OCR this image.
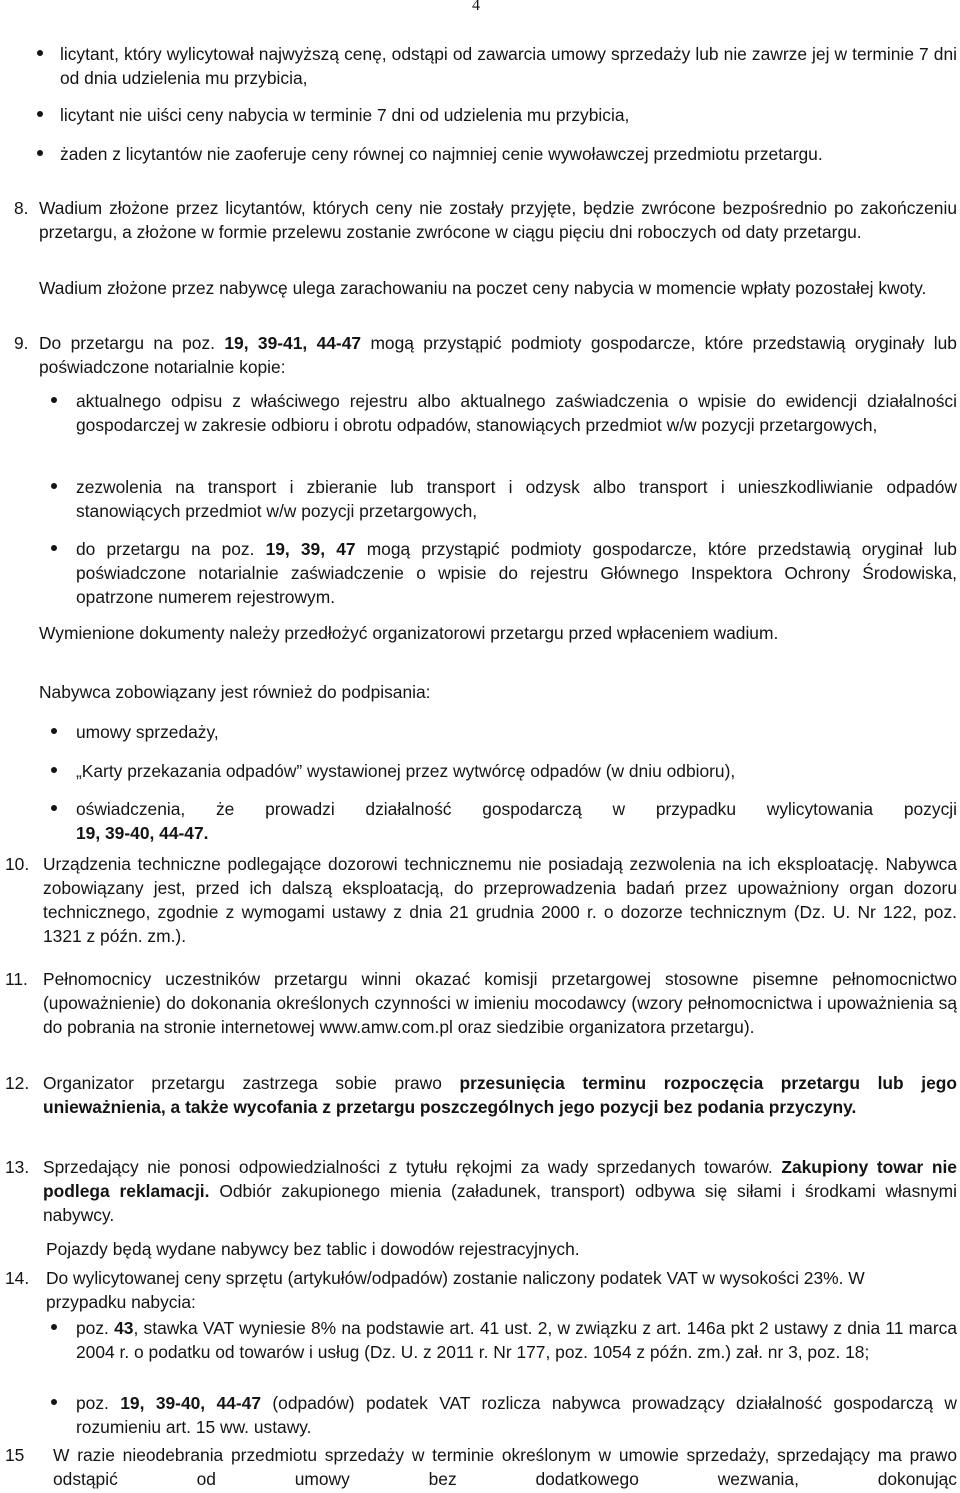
4
licytant, który wylicytował najwyższą cenę, odstąpi od zawarcia umowy sprzedaży lub nie zawrze jej w terminie 7 dni od dnia udzielenia mu przybicia,
licytant nie uiści ceny nabycia w terminie 7 dni od udzielenia mu przybicia,
żaden z licytantów nie zaoferuje ceny równej co najmniej cenie wywoławczej przedmiotu przetargu.
8. Wadium złożone przez licytantów, których ceny nie zostały przyjęte, będzie zwrócone bezpośrednio po zakończeniu przetargu, a złożone w formie przelewu zostanie zwrócone w ciągu pięciu dni roboczych od daty przetargu.
Wadium złożone przez nabywcę ulega zarachowaniu na poczet ceny nabycia w momencie wpłaty pozostałej kwoty.
9. Do przetargu na poz. 19, 39-41, 44-47 mogą przystąpić podmioty gospodarcze, które przedstawią oryginały lub poświadczone notarialnie kopie:
aktualnego odpisu z właściwego rejestru albo aktualnego zaświadczenia o wpisie do ewidencji działalności gospodarczej w zakresie odbioru i obrotu odpadów, stanowiących przedmiot w/w pozycji przetargowych,
zezwolenia na transport i zbieranie lub transport i odzysk albo transport i unieszkodliwianie odpadów stanowiących przedmiot w/w pozycji przetargowych,
do przetargu na poz. 19, 39, 47 mogą przystąpić podmioty gospodarcze, które przedstawią oryginał lub poświadczone notarialnie zaświadczenie o wpisie do rejestru Głównego Inspektora Ochrony Środowiska, opatrzone numerem rejestrowym.
Wymienione dokumenty należy przedłożyć organizatorowi przetargu przed wpłaceniem wadium.
Nabywca zobowiązany jest również do podpisania:
umowy sprzedaży,
„Karty przekazania odpadów” wystawionej przez wytwórcę odpadów (w dniu odbioru),
oświadczenia, że prowadzi działalność gospodarczą w przypadku wylicytowania pozycji
19, 39-40, 44-47.
10. Urządzenia techniczne podlegające dozorowi technicznemu nie posiadają zezwolenia na ich eksploatację. Nabywca zobowiązany jest, przed ich dalszą eksploatacją, do przeprowadzenia badań przez upoważniony organ dozoru technicznego, zgodnie z wymogami ustawy z dnia 21 grudnia 2000 r. o dozorze technicznym (Dz. U. Nr 122, poz. 1321 z późn. zm.).
11. Pełnomocnicy uczestników przetargu winni okazać komisji przetargowej stosowne pisemne pełnomocnictwo (upoważnienie) do dokonania określonych czynności w imieniu mocodawcy (wzory pełnomocnictwa i upoważnienia są do pobrania na stronie internetowej www.amw.com.pl oraz siedzibie organizatora przetargu).
12. Organizator przetargu zastrzega sobie prawo przesunięcia terminu rozpoczęcia przetargu lub jego unieważnienia, a także wycofania z przetargu poszczególnych jego pozycji bez podania przyczyny.
13. Sprzedający nie ponosi odpowiedzialności z tytułu rękojmi za wady sprzedanych towarów. Zakupiony towar nie podlega reklamacji. Odbiór zakupionego mienia (załadunek, transport) odbywa się siłami i środkami własnymi nabywcy.
Pojazdy będą wydane nabywcy bez tablic i dowodów rejestracyjnych.
14. Do wylicytowanej ceny sprzętu (artykułów/odpadów) zostanie naliczony podatek VAT w wysokości 23%. W przypadku nabycia:
poz. 43, stawka VAT wyniesie 8% na podstawie art. 41 ust. 2, w związku z art. 146a pkt 2 ustawy z dnia 11 marca 2004 r. o podatku od towarów i usług (Dz. U. z 2011 r. Nr 177, poz. 1054 z późn. zm.) zał. nr 3, poz. 18;
poz. 19, 39-40, 44-47 (odpadów) podatek VAT rozlicza nabywca prowadzący działalność gospodarczą w rozumieniu art. 15 ww. ustawy.
15 W razie nieodebrania przedmiotu sprzedaży w terminie określonym w umowie sprzedaży, sprzedający ma prawo odstąpić od umowy bez dodatkowego wezwania, dokonując
